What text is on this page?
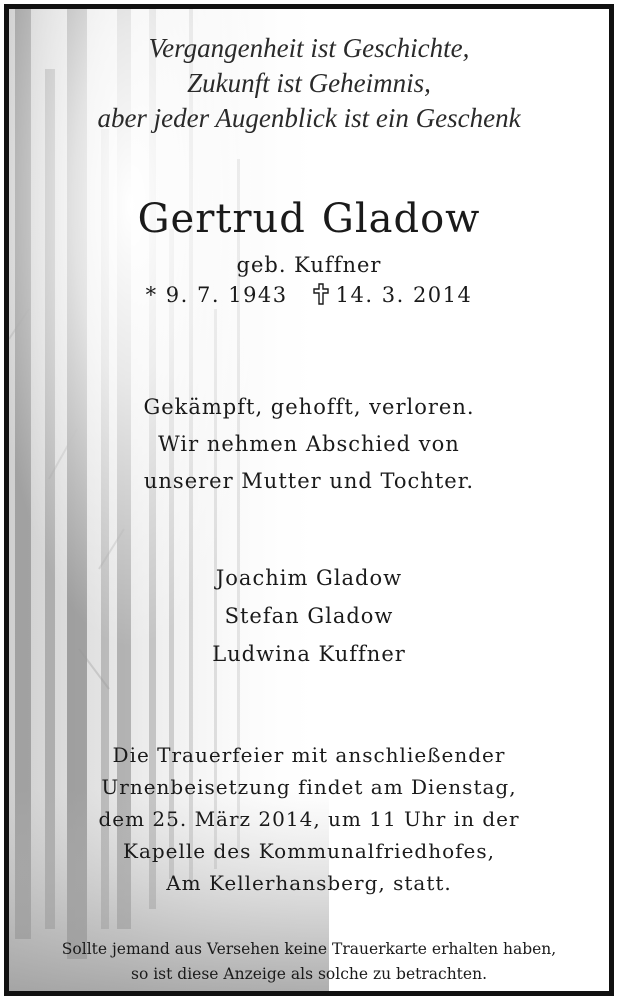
Vergangenheit ist Geschichte,
Zukunft ist Geheimnis,
aber jeder Augenblick ist ein Geschenk
Gertrud Gladow
geb. Kuffner
* 9. 7. 1943 14. 3. 2014
Gekämpft, gehofft, verloren.
Wir nehmen Abschied von
unserer Mutter und Tochter.
Joachim Gladow
Stefan Gladow
Ludwina Kuffner
Die Trauerfeier mit anschließender
Urnenbeisetzung findet am Dienstag,
dem 25. März 2014, um 11 Uhr in der
Kapelle des Kommunalfriedhofes,
Am Kellerhansberg, statt.
Sollte jemand aus Versehen keine Trauerkarte erhalten haben,
so ist diese Anzeige als solche zu betrachten.
